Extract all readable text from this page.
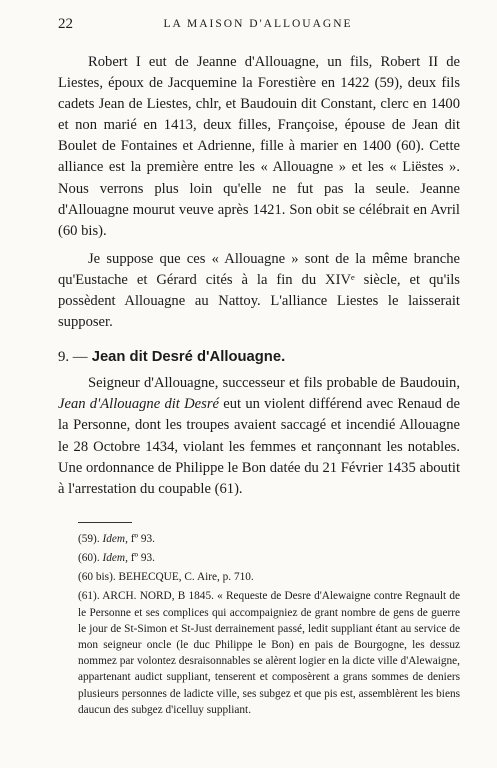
22	LA MAISON D'ALLOUAGNE

Robert I eut de Jeanne d'Allouagne, un fils, Robert II de Liestes, époux de Jacquemine la Forestière en 1422 (59), deux fils cadets Jean de Liestes, chlr, et Baudouin dit Constant, clerc en 1400 et non marié en 1413, deux filles, Françoise, épouse de Jean dit Boulet de Fontaines et Adrienne, fille à marier en 1400 (60). Cette alliance est la première entre les « Allouagne » et les « Liëstes ». Nous verrons plus loin qu'elle ne fut pas la seule. Jeanne d'Allouagne mourut veuve après 1421. Son obit se célébrait en Avril (60 bis).

Je suppose que ces « Allouagne » sont de la même branche qu'Eustache et Gérard cités à la fin du XIVᵉ siècle, et qu'ils possèdent Allouagne au Nattoy. L'alliance Liestes le laisserait supposer.

9. — Jean dit Desré d'Allouagne.

Seigneur d'Allouagne, successeur et fils probable de Baudouin, Jean d'Allouagne dit Desré eut un violent différend avec Renaud de la Personne, dont les troupes avaient saccagé et incendié Allouagne le 28 Octobre 1434, violant les femmes et rançonnant les notables. Une ordonnance de Philippe le Bon datée du 21 Février 1435 aboutit à l'arrestation du coupable (61).

(59). Idem, fº 93.

(60). Idem, fº 93.

(60 bis). BEHECQUE, C. Aire, p. 710.

(61). ARCH. NORD, B 1845. « Requeste de Desre d'Alewaigne contre Regnault de le Personne et ses complices qui accompaigniez de grant nombre de gens de guerre le jour de St-Simon et St-Just derrainement passé, ledit suppliant étant au service de mon seigneur oncle (le duc Philippe le Bon) en pais de Bourgogne, les dessuz nommez par volontez desraisonnables se alèrent logier en la dicte ville d'Alewaigne, appartenant audict suppliant, tenserent et composèrent a grans sommes de deniers plusieurs personnes de ladicte ville, ses subgez et que pis est, assemblèrent les biens daucun des subgez d'icelluy suppliant.
